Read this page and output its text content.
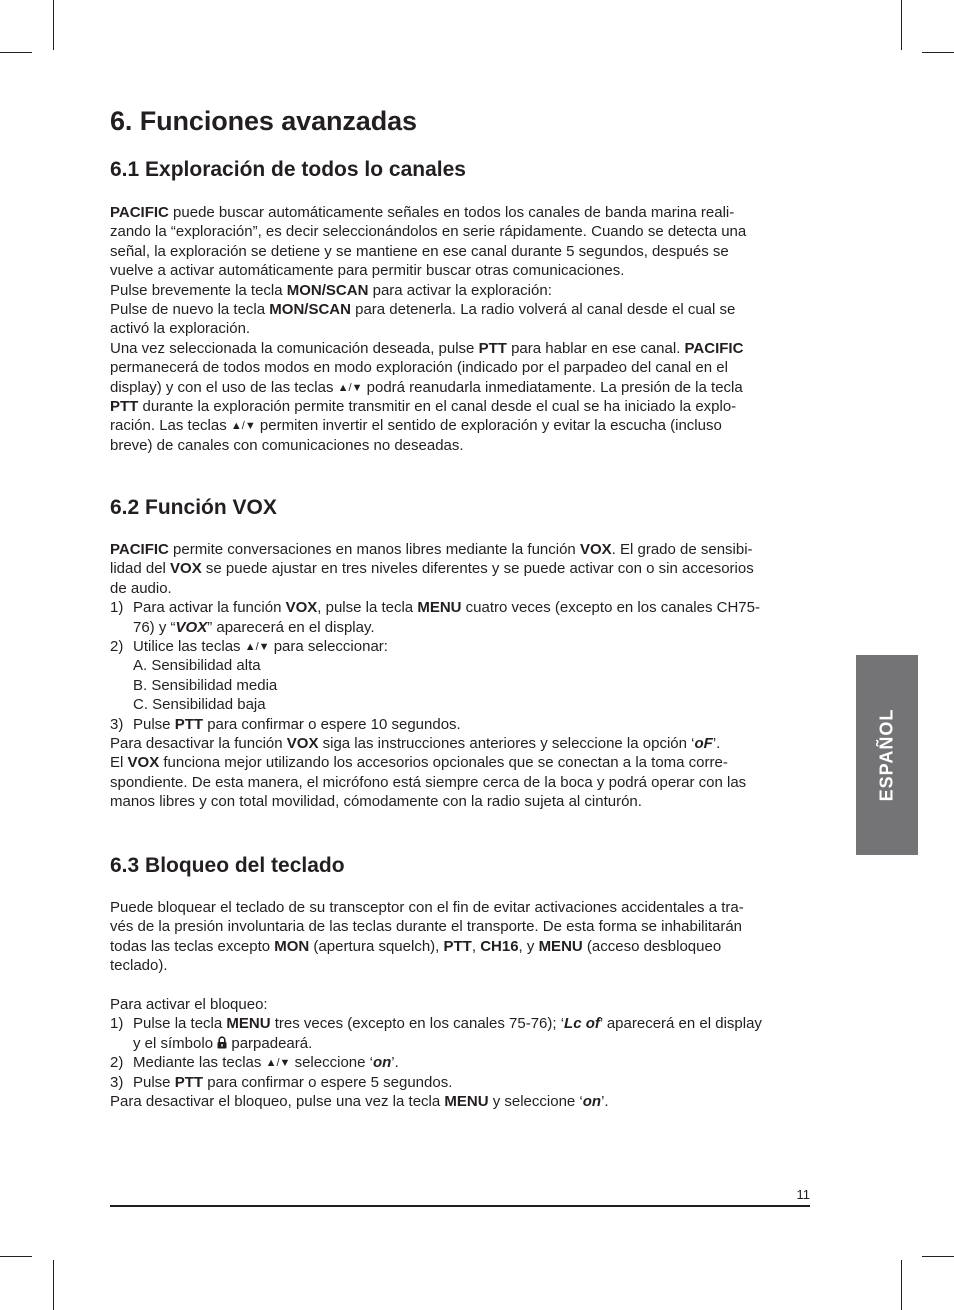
6. Funciones avanzadas
6.1 Exploración de todos lo canales
PACIFIC puede buscar automáticamente señales en todos los canales de banda marina reali-
zando la “exploración”, es decir seleccionándolos en serie rápidamente. Cuando se detecta una
señal, la exploración se detiene y se mantiene en ese canal durante 5 segundos, después se
vuelve a activar automáticamente para permitir buscar otras comunicaciones.
Pulse brevemente la tecla MON/SCAN para activar la exploración:
Pulse de nuevo la tecla MON/SCAN para detenerla. La radio volverá al canal desde el cual se
activó la exploración.
Una vez seleccionada la comunicación deseada, pulse PTT para hablar en ese canal. PACIFIC
permanecerá de todos modos en modo exploración (indicado por el parpadeo del canal en el
display) y con el uso de las teclas ▲/▼ podrá reanudarla inmediatamente. La presión de la tecla
PTT durante la exploración permite transmitir en el canal desde el cual se ha iniciado la explo-
ración. Las teclas ▲/▼ permiten invertir el sentido de exploración y evitar la escucha (incluso
breve) de canales con comunicaciones no deseadas.
6.2 Función VOX
PACIFIC permite conversaciones en manos libres mediante la función VOX. El grado de sensibi-
lidad del VOX se puede ajustar en tres niveles diferentes y se puede activar con o sin accesorios
de audio.
1) Para activar la función VOX, pulse la tecla MENU cuatro veces (excepto en los canales CH75-
76) y “VOX” aparecerá en el display.
2) Utilice las teclas ▲/▼ para seleccionar:
A. Sensibilidad alta
B. Sensibilidad media
C. Sensibilidad baja
3) Pulse PTT para confirmar o espere 10 segundos.
Para desactivar la función VOX siga las instrucciones anteriores y seleccione la opción ‘oF’.
El VOX funciona mejor utilizando los accesorios opcionales que se conectan a la toma corre-
spondiente. De esta manera, el micrófono está siempre cerca de la boca y podrá operar con las
manos libres y con total movilidad, cómodamente con la radio sujeta al cinturón.
6.3 Bloqueo del teclado
Puede bloquear el teclado de su transceptor con el fin de evitar activaciones accidentales a tra-
vés de la presión involuntaria de las teclas durante el transporte. De esta forma se inhabilitarán
todas las teclas excepto MON (apertura squelch), PTT, CH16, y MENU (acceso desbloqueo
teclado).
Para activar el bloqueo:
1) Pulse la tecla MENU tres veces (excepto en los canales 75-76); ‘Lc of’ aparecerá en el display
y el símbolo  parpadeará.
2) Mediante las teclas ▲/▼ seleccione ‘on’.
3) Pulse PTT para confirmar o espere 5 segundos.
Para desactivar el bloqueo, pulse una vez la tecla MENU y seleccione ‘on’.
ESPAÑOL
11
